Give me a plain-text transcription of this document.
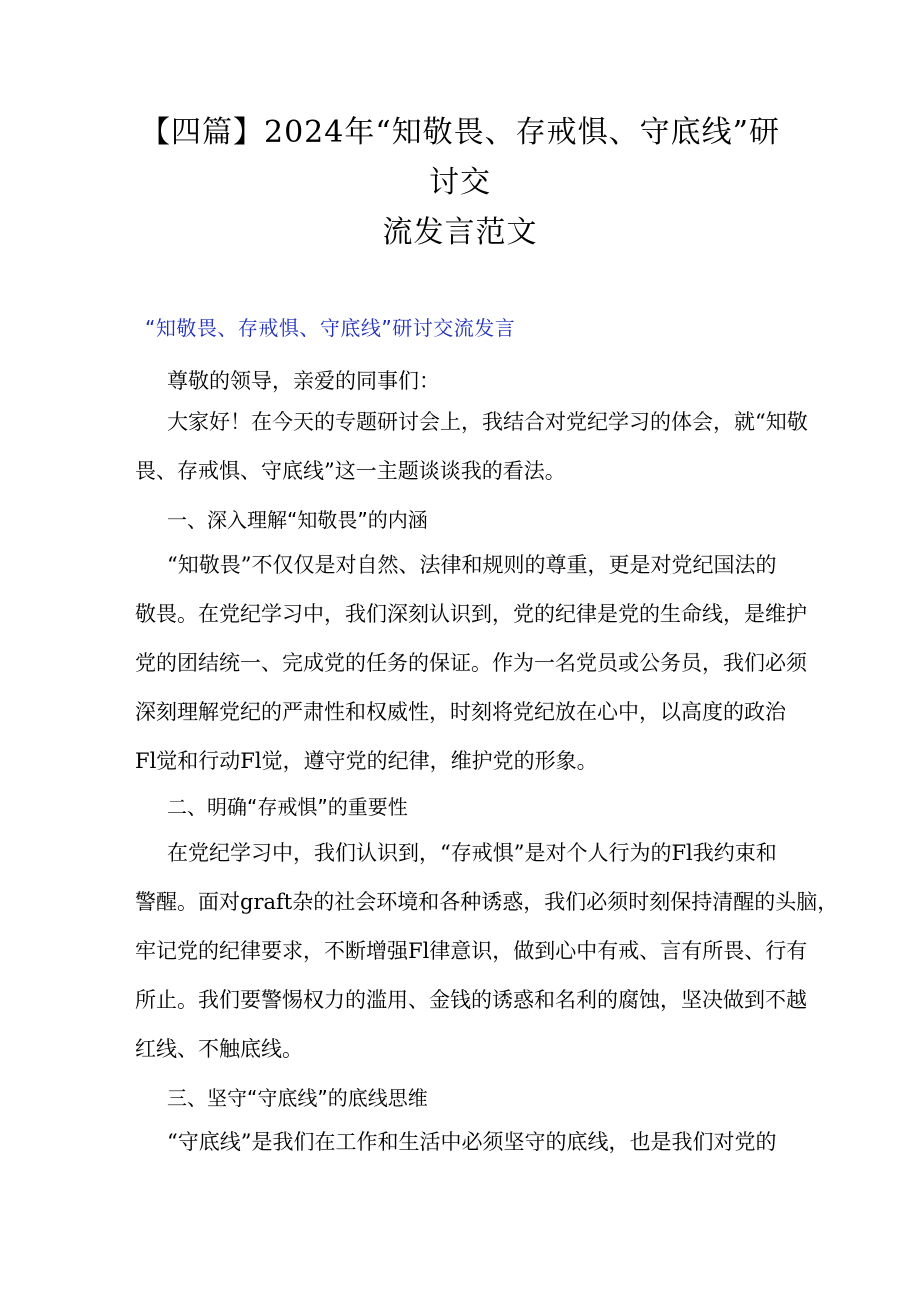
【四篇】2024年“知敬畏、存戒惧、守底线”研讨交
流发言范文
“知敬畏、存戒惧、守底线”研讨交流发言

尊敬的领导，亲爱的同事们：

大家好！在今天的专题研讨会上，我结合对党纪学习的体会，就“知敬
畏、存戒惧、守底线”这一主题谈谈我的看法。

一、深入理解“知敬畏”的内涵

“知敬畏”不仅仅是对自然、法律和规则的尊重，更是对党纪国法的
敬畏。在党纪学习中，我们深刻认识到，党的纪律是党的生命线，是维护
党的团结统一、完成党的任务的保证。作为一名党员或公务员，我们必须
深刻理解党纪的严肃性和权威性，时刻将党纪放在心中，以高度的政治
Fl觉和行动Fl觉，遵守党的纪律，维护党的形象。

二、明确“存戒惧”的重要性

在党纪学习中，我们认识到，“存戒惧”是对个人行为的Fl我约束和
警醒。面对graft杂的社会环境和各种诱惑，我们必须时刻保持清醒的头脑，
牢记党的纪律要求，不断增强Fl律意识，做到心中有戒、言有所畏、行有
所止。我们要警惕权力的滥用、金钱的诱惑和名利的腐蚀，坚决做到不越
红线、不触底线。

三、坚守“守底线”的底线思维

“守底线”是我们在工作和生活中必须坚守的底线，也是我们对党的
